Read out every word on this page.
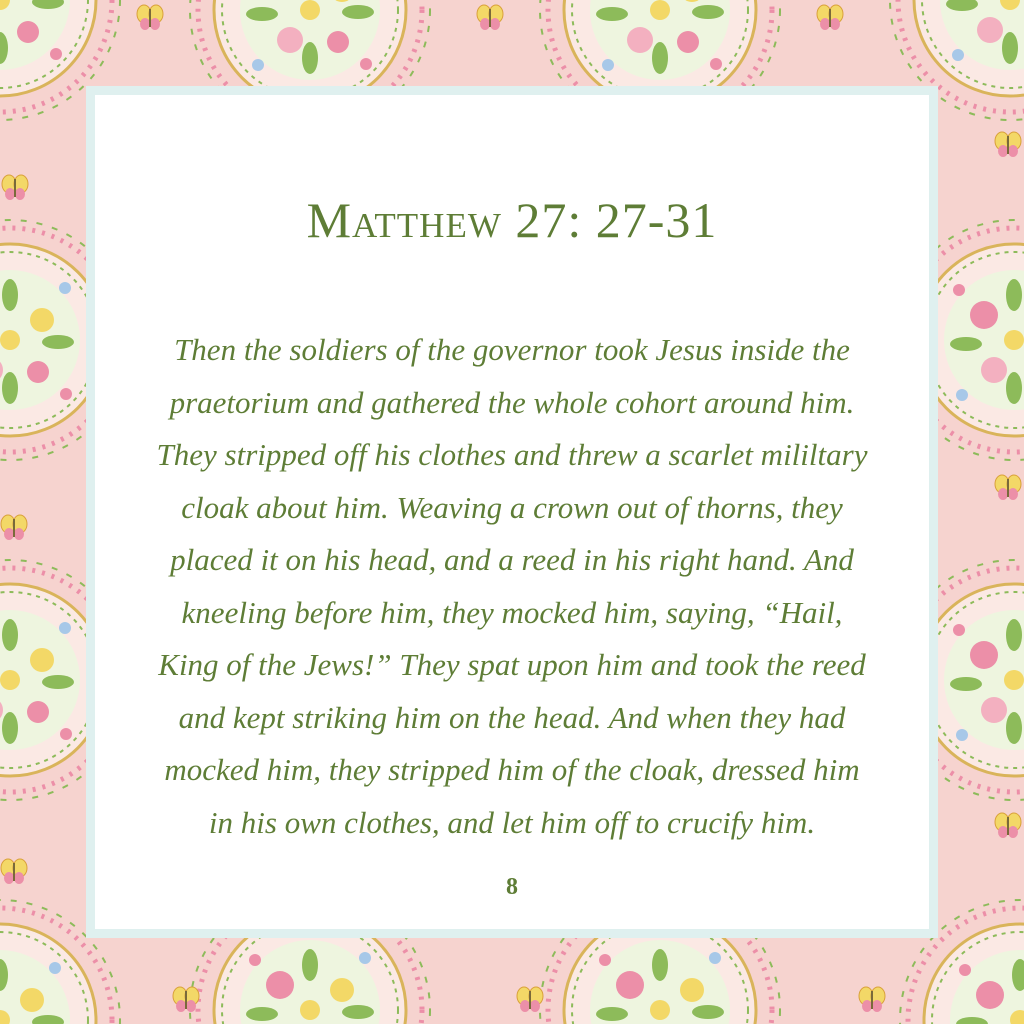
Matthew 27: 27-31

Then the soldiers of the governor took Jesus inside the
praetorium and gathered the whole cohort around him.
They stripped off his clothes and threw a scarlet mililtary
cloak about him. Weaving a crown out of thorns, they
placed it on his head, and a reed in his right hand. And
kneeling before him, they mocked him, saying, “Hail,
King of the Jews!” They spat upon him and took the reed
and kept striking him on the head. And when they had
mocked him, they stripped him of the cloak, dressed him
in his own clothes, and let him off to crucify him.

8
